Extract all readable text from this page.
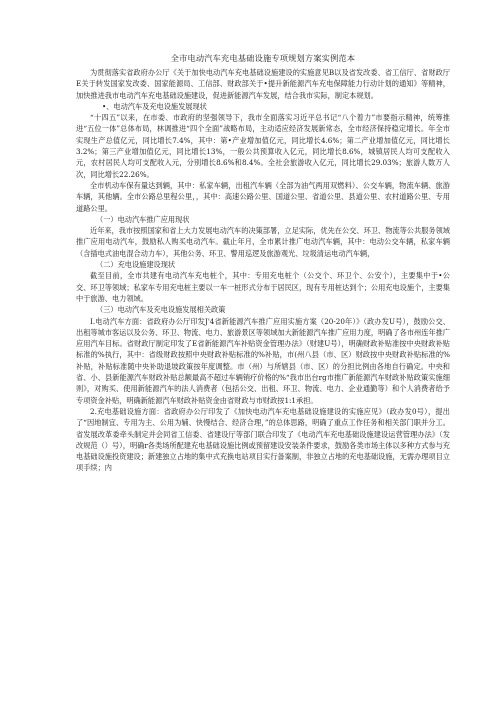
全市电动汽车充电基础设施专项规划方案实例范本

为贯彻落实省政府办公厅《关于加快电动汽车充电基础设施建设的实施意见B以及省发改委、省工信厅、省财政厅E关于转发国家发改委、国家能源局、工信部、财政部关于•提升新能源汽车充电保障能力行动计划的通知》等精神，加快推进我市电动汽车充电基础设施建设，促进新能源汽车发展，结合我市实际，制定本规划。

•、电动汽车及充电设施发展现状

“十四五”以来，在市委、市政府的坚强领导下，我市全面落实习近平总书记“八个着力”市要指示精神，统筹推进“五位一体”总体布局，林调推进“四个全面”战略布局，主动适应经济发展新常态，全市经济保持稳定增长。年全市实现生产总值亿元，同比增长7.4%，其中：第•产业增加值亿元，同比增长4.6%；第二产业增加值亿元，同比增长3.2%；第三产业增加值亿元，同比增长13%，一般公共预算收入亿元，同比增长8.6%，城镇居民人均可支配收入元，农村居民人均可支配收入元，分别增长8.6%和8.4%。全社会旅游收入亿元，同比增长29.03%；旅游人数万人次，同比增长22.26%。

全市机动车保有量达到辆，其中：私家车辆，出租汽车辆（全部为油气两用双燃料）、公交车辆，物流车辆、旅游车辆，其他辆。全市公路总里程公里，，其中：高速公路公里、国道公里、省道公里、县道公里、农村道路公里、专用道路公里。

（一）电动汽车推广应用现状

近年来，我市按照国家和省上大力发展电动汽车的决策部署，立足实际，优先在公交、环卫、物流等公共服务领域推广应用电动汽车，鼓励私人购买电动汽车。截止年月，全市累计推广电动汽车辆，其中：电动公交车辆，私家车辆（含插电式油电混合动力车），其他公务、环卫、警用巡逻及旅游观光、垃圾清运电动汽车辆，

（二）充电设施建设现状

截至目前，全市共建有电动汽车充电桩个，其中：专用充电桩个（公交个、环卫个、公安个），主要集中于•公交、环卫等领域；私家车专用充电桩主要以一车一桩形式分布于居民区，现有专用桩达到个；公用充电设施个，主要集中于旅游、电力领域。

（三）电动汽车及充电设施发展相关政策

I.电动汽车方面：省政府办公厅印发J'4省新能源汽车推广应用实施方案（20-20年）》（政办发U号），鼓励公交、出租等城市客运以及公务、环卫、物流、电力、旅游景区等领域加大新能源汽车推广应用力度，明确了各市州连年推广应用汽车目标。省财政厅制定印发了E省新能源汽车补贴资金管理办法》（财建U号），明确财政补贴准按中央财政补贴标准的%执行，其中：省级财政按照中央财政补贴标准的%补贴，市(州八县（市、区）财政按中央财政补贴标准的%补贴，补贴标准随中央补助退坡政策按年度调整。市（州）与所辖县（市、区）的分担比例由各地自行确定。中央和省、小、县新能源汽车财政补贴总额最高不超过车辆销疗价格的%“我市出台rg市推广新能源汽车财政补贴政策实施细则》，对购买、使用新能源汽车的法人消费者（包括公交、出租、环卫、物流、电力、企业通勤等）和个人消费者给予专项资金补贴，明确新能源汽车财政补贴资金由省财政与市财政按1:1承担。

2.充电基础设施方面：省政府办公厅印发了《加快电动汽车充电基础设施建设的实施应见》（政办发0号），提出了“因地制宜、专用为主、公用为辅、快慢结合、经济合理，”的总体思路，明确了重点工作任务和相关部门职并分工。省发展改革委牵头制定并会同省工信委、省建设厅等部门联合印发了《电动汽车充电基础设施建设运营管理办法》（发改规范（）号），明确r各类场所配建充电基础设施比例或预留建设安装条件要求，鼓励各类市场主体以多种方式参与充电基础设施投资建设；新建独立占地的集中式充换电站项目实行备案制，非独立占地的充电基础设施，无需办理项目立项手续；内
